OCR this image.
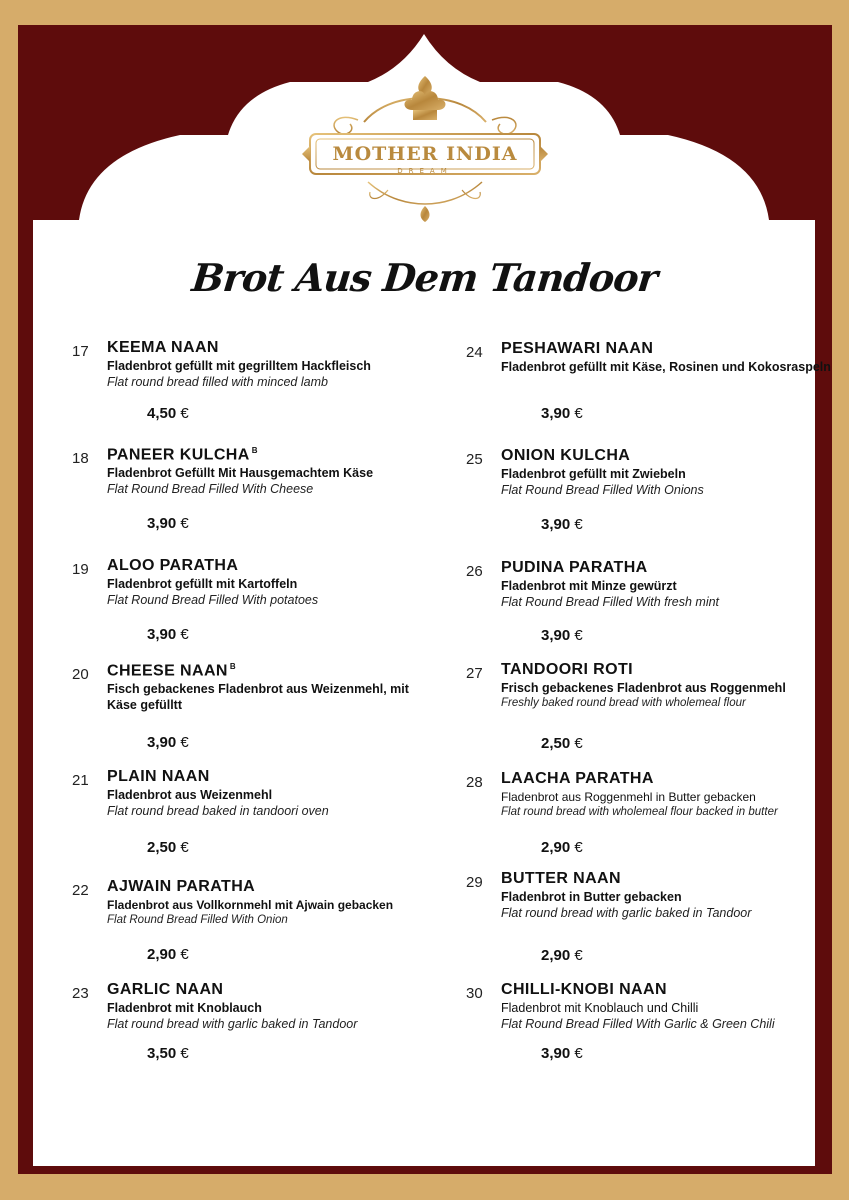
MOTHER INDIA
DREAM
Brot Aus Dem Tandoor
17	KEEMA NAAN
Fladenbrot gefüllt mit gegrilltem Hackfleisch
Flat round bread filled with minced lamb
4,50 €
18	PANEER KULCHA $^B$
Fladenbrot Gefüllt Mit Hausgemachtem Käse
Flat Round Bread Filled With Cheese
3,90 €
19	ALOO PARATHA
Fladenbrot gefüllt mit Kartoffeln
Flat Round Bread Filled With potatoes
3,90 €
20	CHEESE NAAN $^B$
Fisch gebackenes Fladenbrot aus Weizenmehl, mit Käse gefülltt
3,90 €
21	PLAIN NAAN
Fladenbrot aus Weizenmehl
Flat round bread baked in tandoori oven
2,50 €
22	AJWAIN PARATHA
Fladenbrot aus Vollkornmehl mit Ajwain gebacken
Flat Round Bread Filled With Onion
2,90 €
23	GARLIC NAAN
Fladenbrot mit Knoblauch
Flat round bread with garlic baked in Tandoor
3,50 €
24	PESHAWARI NAAN
Fladenbrot gefüllt mit Käse, Rosinen und Kokosraspeln
3,90 €
25	ONION KULCHA
Fladenbrot gefüllt mit Zwiebeln
Flat Round Bread Filled With Onions
3,90 €
26	PUDINA PARATHA
Fladenbrot mit Minze gewürzt
Flat Round Bread Filled With fresh mint
3,90 €
27	TANDOORI ROTI
Frisch gebackenes Fladenbrot aus Roggenmehl
Freshly baked round bread with wholemeal flour
2,50 €
28	LAACHA PARATHA
Fladenbrot aus Roggenmehl in Butter gebacken
Flat round bread with wholemeal flour backed in butter
2,90 €
29	BUTTER NAAN
Fladenbrot in Butter gebacken
Flat round bread with garlic baked in Tandoor
2,90 €
30	CHILLI-KNOBI NAAN
Fladenbrot mit Knoblauch und Chilli
Flat Round Bread Filled With Garlic & Green Chili
3,90 €
